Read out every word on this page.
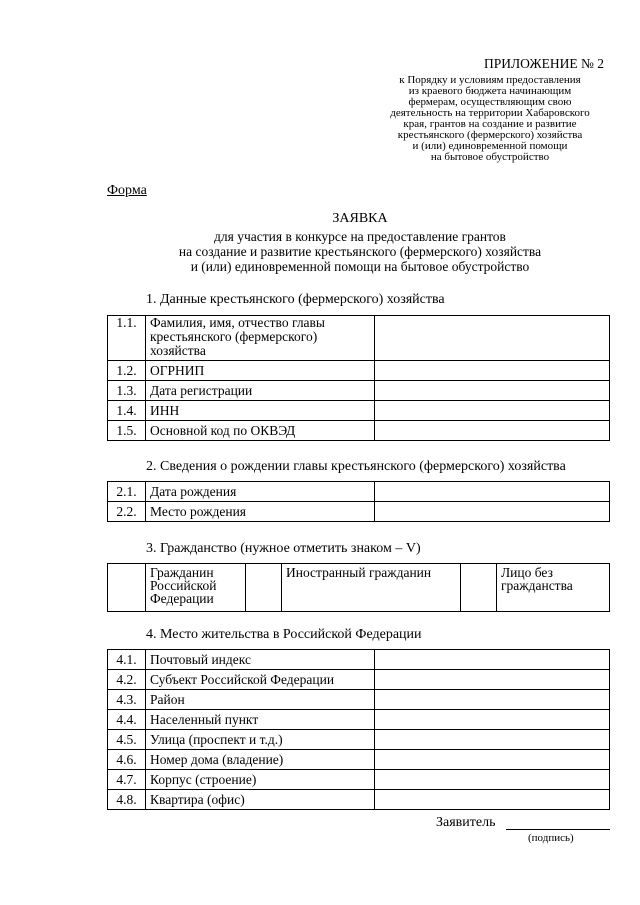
ПРИЛОЖЕНИЕ № 2
к Порядку и условиям предоставления
из краевого бюджета начинающим
фермерам, осуществляющим свою
деятельность на территории Хабаровского
края, грантов на создание и развитие
крестьянского (фермерского) хозяйства
и (или) единовременной помощи
на бытовое обустройство
Форма
ЗАЯВКА
для участия в конкурсе на предоставление грантов
на создание и развитие крестьянского (фермерского) хозяйства
и (или) единовременной помощи на бытовое обустройство
1. Данные крестьянского (фермерского) хозяйства
1.1.	Фамилия, имя, отчество главы крестьянского (фермерского) хозяйства	
1.2.	ОГРНИП	
1.3.	Дата регистрации	
1.4.	ИНН	
1.5.	Основной код по ОКВЭД	
2. Сведения о рождении главы крестьянского (фермерского) хозяйства
2.1.	Дата рождения	
2.2.	Место рождения	
3. Гражданство (нужное отметить знаком – V)
	Гражданин Российской Федерации		Иностранный гражданин		Лицо без гражданства
4. Место жительства в Российской Федерации
4.1.	Почтовый индекс	
4.2.	Субъект Российской Федерации	
4.3.	Район	
4.4.	Населенный пункт	
4.5.	Улица (проспект и т.д.)	
4.6.	Номер дома (владение)	
4.7.	Корпус (строение)	
4.8.	Квартира (офис)	
Заявитель
(подпись)
